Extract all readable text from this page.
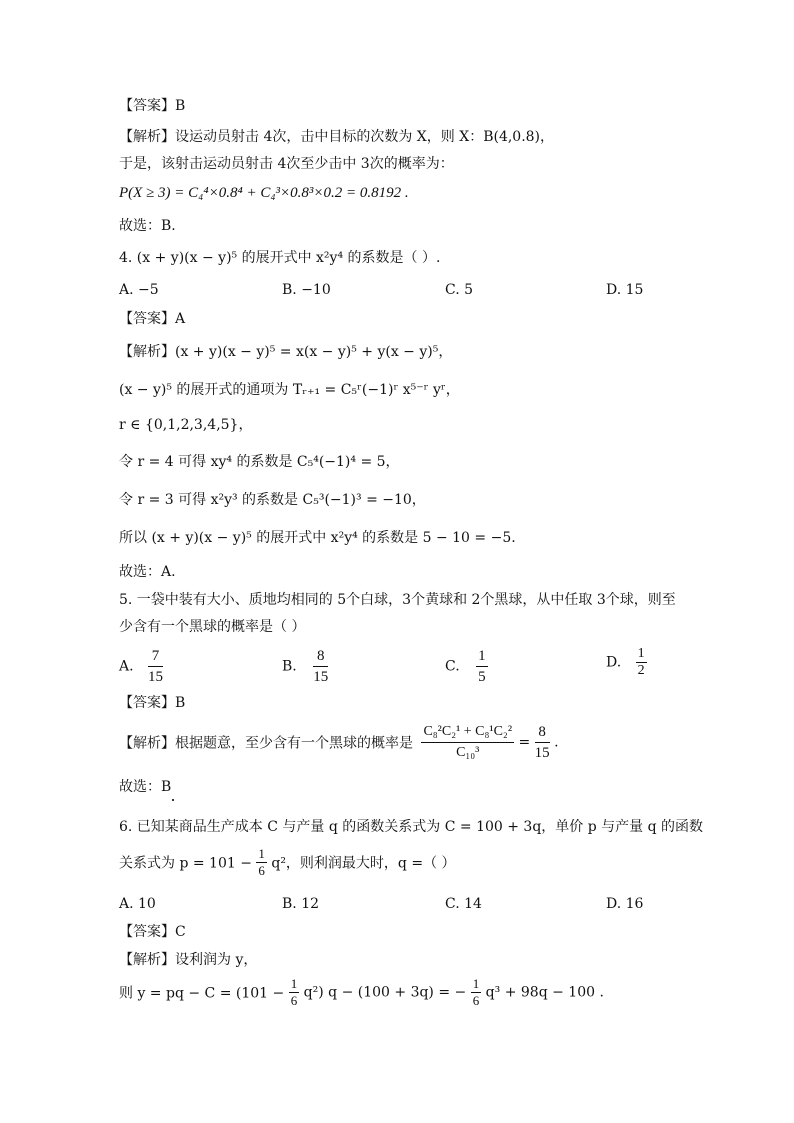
【答案】B
【解析】设运动员射击 4次，击中目标的次数为 X，则 X：B(4,0.8)，
于是，该射击运动员射击 4次至少击中 3次的概率为：
P(X ≥ 3) = C₄⁴×0.8⁴ + C₄³×0.8³×0.2 = 0.8192 .
故选：B.
4. (x + y)(x − y)⁵ 的展开式中 x²y⁴ 的系数是（ ）.
A. −5	B. −10	C. 5	D. 15
【答案】A
【解析】(x + y)(x − y)⁵ = x(x − y)⁵ + y(x − y)⁵，
(x − y)⁵ 的展开式的通项为 Tᵣ₊₁ = C₅ʳ(−1)ʳ x⁵⁻ʳ yʳ，
r ∈ {0,1,2,3,4,5}，
令 r = 4 可得 xy⁴ 的系数是 C₅⁴(−1)⁴ = 5，
令 r = 3 可得 x²y³ 的系数是 C₅³(−1)³ = −10，
所以 (x + y)(x − y)⁵ 的展开式中 x²y⁴ 的系数是 5 − 10 = −5.
故选：A.
5. 一袋中装有大小、质地均相同的 5个白球，3个黄球和 2个黑球，从中任取 3个球，则至
少含有一个黑球的概率是（ ）
A. $\frac{7}{15}$	B. $\frac{8}{15}$	C. $\frac{1}{5}$	D. $\frac{1}{2}$
【答案】B
【解析】根据题意，至少含有一个黑球的概率是 $\frac{\text{C₈²C₂¹ + C₈¹C₂²}}{\text{C₁₀³}} = \frac{8}{15}$ .
故选：B
6. 已知某商品生产成本 C 与产量 q 的函数关系式为 C = 100 + 3q，单价 p 与产量 q 的函数
关系式为 $p = 101 - \frac{1}{6} q^2$，则利润最大时，q =（ ）
A. 10	B. 12	C. 14	D. 16
【答案】C
【解析】设利润为 y，
则 y = pq − $C = (101 - \frac{1}{6} q^2)$ q − (100 + 3q) = − $\frac{1}{6} q^3 + 98q - 100$ .
